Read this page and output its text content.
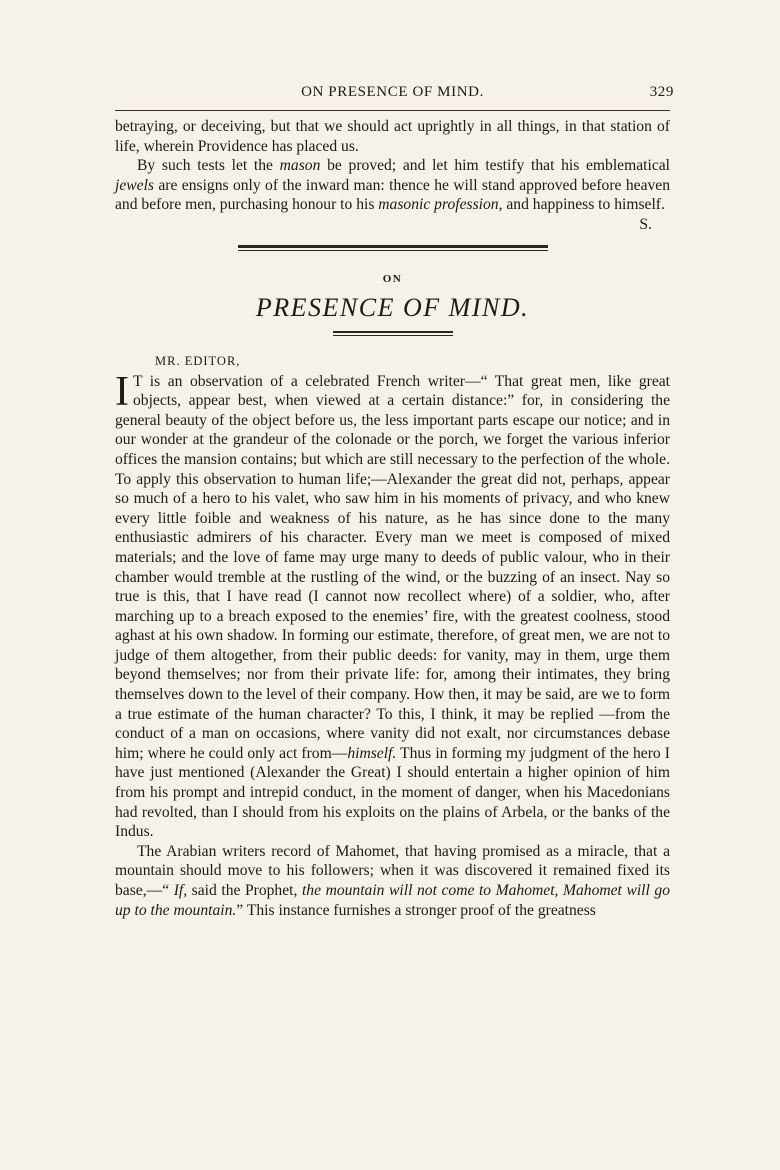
ON PRESENCE OF MIND.	329

betraying, or deceiving, but that we should act uprightly in all things, in that station of life, wherein Providence has placed us.

By such tests let the mason be proved; and let him testify that his emblematical jewels are ensigns only of the inward man: thence he will stand approved before heaven and before men, purchasing honour to his masonic profession, and happiness to himself.

S.
ON
PRESENCE OF MIND.
MR. EDITOR,

I T is an observation of a celebrated French writer—“ That great men, like great objects, appear best, when viewed at a certain distance:” for, in considering the general beauty of the object before us, the less important parts escape our notice; and in our wonder at the grandeur of the colonade or the porch, we forget the various inferior offices the mansion contains; but which are still necessary to the perfection of the whole. To apply this observation to human life;—Alexander the great did not, perhaps, appear so much of a hero to his valet, who saw him in his moments of privacy, and who knew every little foible and weakness of his nature, as he has since done to the many enthusiastic admirers of his character. Every man we meet is composed of mixed materials; and the love of fame may urge many to deeds of public valour, who in their chamber would tremble at the rustling of the wind, or the buzzing of an insect. Nay so true is this, that I have read (I cannot now recollect where) of a soldier, who, after marching up to a breach exposed to the enemies’ fire, with the greatest coolness, stood aghast at his own shadow. In forming our estimate, therefore, of great men, we are not to judge of them altogether, from their public deeds: for vanity, may in them, urge them beyond themselves; nor from their private life: for, among their intimates, they bring themselves down to the level of their company. How then, it may be said, are we to form a true estimate of the human character? To this, I think, it may be replied —from the conduct of a man on occasions, where vanity did not exalt, nor circumstances debase him; where he could only act from—himself. Thus in forming my judgment of the hero I have just mentioned (Alexander the Great) I should entertain a higher opinion of him from his prompt and intrepid conduct, in the moment of danger, when his Macedonians had revolted, than I should from his exploits on the plains of Arbela, or the banks of the Indus.

The Arabian writers record of Mahomet, that having promised as a miracle, that a mountain should move to his followers; when it was discovered it remained fixed its base,—“ If, said the Prophet, the mountain will not come to Mahomet, Mahomet will go up to the mountain.” This instance furnishes a stronger proof of the greatness
